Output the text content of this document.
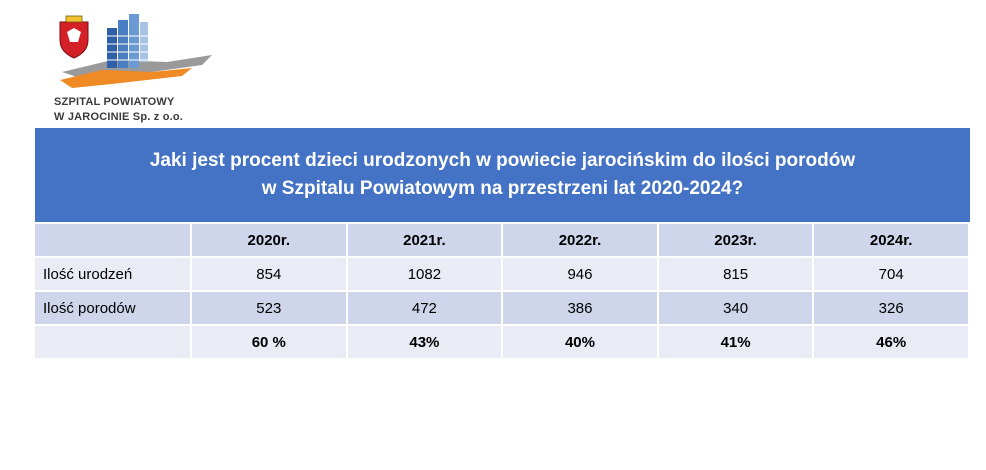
SZPITAL POWIATOWY
W JAROCINIE Sp. z o.o.
Jaki jest procent dzieci urodzonych w powiecie jarocińskim do ilości porodów
w Szpitalu Powiatowym na przestrzeni lat 2020-2024?
	2020r.	2021r.	2022r.	2023r.	2024r.
Ilość urodzeń	854	1082	946	815	704
Ilość porodów	523	472	386	340	326
	60 %	43%	40%	41%	46%
